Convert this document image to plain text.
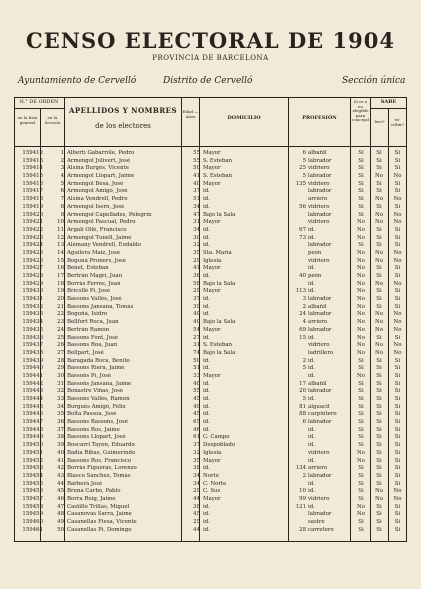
CENSO ELECTORAL DE 1904
PROVINCIA DE BARCELONA
Ayuntamiento de Cervelló	Distrito de Cervelló	Sección única
N.° DE ORDEN
en la lista general
en la Sección
APELLIDOS Y NOMBRES
de los electores
Edad — Años	DOMICILIO	PROFESIÓN
Si es o no elegible para concejal
SABE
leer?	es-cribir?
159412	1 Alberti Gabarróle, Pedro	55 Mayor	6 albañil	Si	Si	Si
159413	2 Armengol Julivert, José	55 S. Esteban	5 labrador	Si	Si	Si
159414	3 Alsina Burgés, Vicente	50 Mayor	25 vidriero	Si	Si	Si
159415	4 Armengol Llopart, Jaime	41 S. Esteban	5 labrador	Si	No	No
159416	5 Armengol Besa, José	40 Mayor	135 vidriero	Si	Si	Si
159417	6 Armengol Amigó, José	37 id.	labrador	Si	Si	Si
159418	7 Alsina Vendrell, Pedro	51 id.	arriero	Si	No	No
159419	8 Armengol Isern, José	34 id.	56 vidriero	Si	Si	Si
159420	9 Armengol Capellades, Pelegrín	47 Bajo la Sala	labrador	Si	No	No
159421	10 Armengol Pascual, Pedro	31 Mayor	vidriero	No	No	No
159422	11 Argalí Ollé, Francisco	34 id.	67 id.	No	Si	Si
159423	12 Armengol Tunell, Jaime	30 id.	73 id.	No	Si	Si
159424	13 Alemany Vendrell, Eudaldo	32 id.	labrador	Si	Si	Si
159425	14 Aguilera Maiz, José	35 Sta. María	peón	No	No	No
159426	15 Bogunà Pruners, José	29 Iglesia	vidriero	No	No	No
159427	16 Benet, Esteban	41 Mayor	id.	No	Si	Si
159428	17 Bertrán Magrí, Juan	36 id.	40 peón	No	Si	Si
159429	18 Borràs Ferrés, Juan	58 Bajo la Sala	id.	No	No	No
159430	19 Bricollé Pi, José	29 Mayor	113 id.	No	Si	Si
159431	20 Bassons Vallés, José	37 id.	3 labrador	No	Si	Si
159432	21 Bassons Jansana, Tomás	39 id.	2 albañil	No	Si	Si
159433	22 Boguñà, Isidro	40 id.	24 labrador	No	No	No
159434	23 Bellfort Roca, Juan	40 Bajo la Sala	4 arriero	No	No	No
159435	24 Bertrán Ramón	54 Mayor	69 labrador	No	No	No
159436	25 Bassons Font, José	27 id.	15 id.	No	Si	Si
159437	26 Bassons Roa, Juan	31 S. Esteban	vidriero	No	No	No
159438	27 Bellpart, José	74 Bajo la Sala	ladrillero	No	No	No
159439	28 Baragada Roca, Benito	50 id.	2 id.	Si	Si	Si
159440	29 Bassons Riera, Jaime	51 id.	5 id.	Si	Si	Si
159441	30 Bassons Pi, José	33 Mayor	id.	No	Si	Si
159442	31 Bassons Jansana, Jaime	40 id.	17 albañil	Si	Si	Si
159443	32 Bonastre Viñas, José	55 id.	20 labrador	Si	Si	Si
159444	33 Bassons Vallés, Ramón	45 id.	5 id.	Si	Si	Si
159445	34 Burgués Amigó, Félix	49 id.	81 alguacil	Si	Si	Si
159446	35 Bolta Passoa, José	45 id.	88 carpintero	Si	Si	Si
159447	36 Bassons Bassons, José	65 id.	6 labrador	Si	Si	Si
159448	37 Bassons Ros, Jaime	46 id.	id.	Si	Si	Si
159449	38 Bassons Llopart, José	61 C. Campo	id.	Si	Si	Si
159450	39 Boscarri Tayon, Eduardo	37 Despoblado	id.	Si	Si	Si
159451	40 Badia Ribas, Guimerindo	32 Iglesia	vidriero	No	Si	Si
159452	41 Bassons Ros, Francisco	35 Mayor	id.	No	Si	Si
159453	42 Borràs Figueras, Lorenzo	38 id.	134 arriero	Si	Si	Si
159454	43 Blasco Sánchez, Tomás	34 Norte	2 labrador	Si	Si	Si
159455	44 Barberá José	34 C. Norte	id.	Si	Si	Si
159456	45 Bruna Carbó, Pablo	29 C. Sus	10 id.	Si	No	No
159457	46 Borra Roig, Jaime	44 Mayor	99 vidriero	Si	No	No
159458	47 Castillo Trillas, Miguel	38 id.	121 id.	No	Si	Si
159459	48 Casanovas Sarra, Jaime	45 id.	labrador	No	Si	Si
159460	49 Casanellas Fiesa, Vicente	25 id.	sastre	Si	Si	Si
159461	50 Casanellas Pi, Domingo	44 id.	28 carretero	Si	Si	Si
